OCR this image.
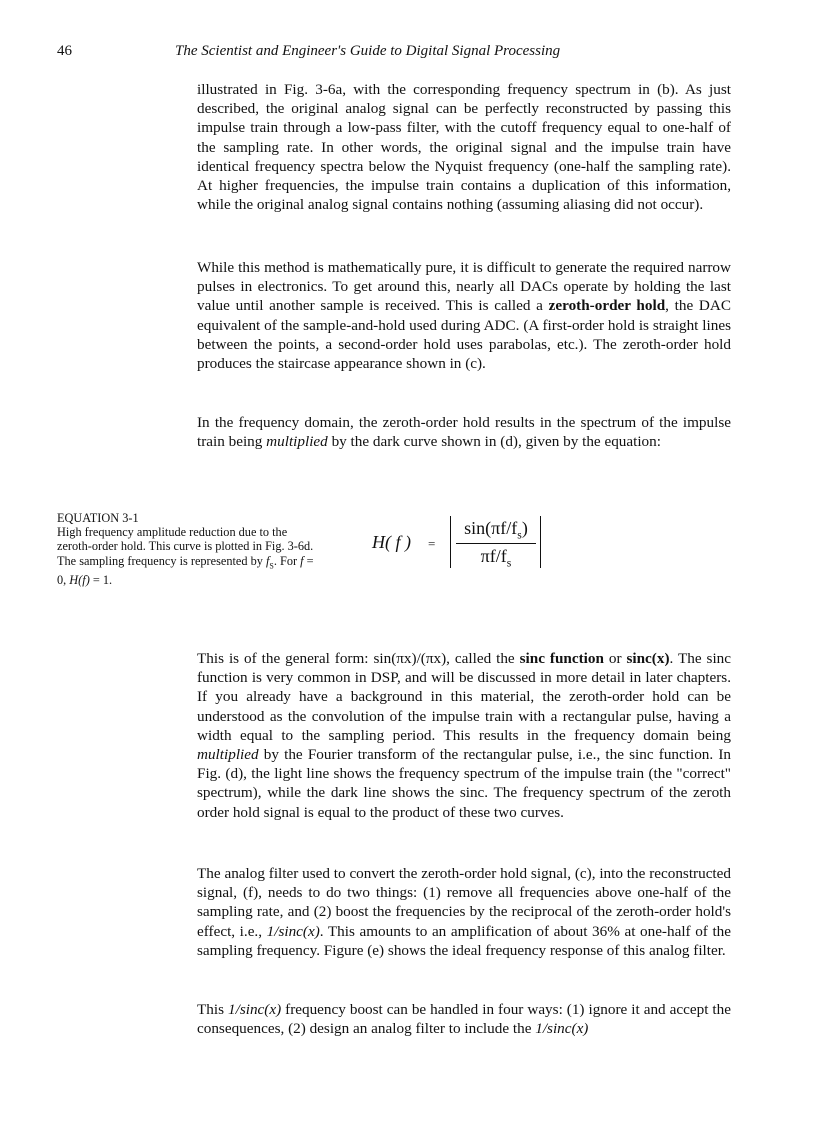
46	The Scientist and Engineer's Guide to Digital Signal Processing

illustrated in Fig. 3-6a, with the corresponding frequency spectrum in (b). As just described, the original analog signal can be perfectly reconstructed by passing this impulse train through a low-pass filter, with the cutoff frequency equal to one-half of the sampling rate. In other words, the original signal and the impulse train have identical frequency spectra below the Nyquist frequency (one-half the sampling rate). At higher frequencies, the impulse train contains a duplication of this information, while the original analog signal contains nothing (assuming aliasing did not occur).

While this method is mathematically pure, it is difficult to generate the required narrow pulses in electronics. To get around this, nearly all DACs operate by holding the last value until another sample is received. This is called a zeroth-order hold, the DAC equivalent of the sample-and-hold used during ADC. (A first-order hold is straight lines between the points, a second-order hold uses parabolas, etc.). The zeroth-order hold produces the staircase appearance shown in (c).

In the frequency domain, the zeroth-order hold results in the spectrum of the impulse train being multiplied by the dark curve shown in (d), given by the equation:

EQUATION 3-1
High frequency amplitude reduction due to the zeroth-order hold. This curve is plotted in Fig. 3-6d. The sampling frequency is represented by $f_S$. For f = 0, H(f) = 1.
H( f ) =
$\sin(\pi f/f_s)$
$\pi f/f_s$

This is of the general form: sin(πx)/(πx), called the sinc function or sinc(x). The sinc function is very common in DSP, and will be discussed in more detail in later chapters. If you already have a background in this material, the zeroth-order hold can be understood as the convolution of the impulse train with a rectangular pulse, having a width equal to the sampling period. This results in the frequency domain being multiplied by the Fourier transform of the rectangular pulse, i.e., the sinc function. In Fig. (d), the light line shows the frequency spectrum of the impulse train (the "correct" spectrum), while the dark line shows the sinc. The frequency spectrum of the zeroth order hold signal is equal to the product of these two curves.

The analog filter used to convert the zeroth-order hold signal, (c), into the reconstructed signal, (f), needs to do two things: (1) remove all frequencies above one-half of the sampling rate, and (2) boost the frequencies by the reciprocal of the zeroth-order hold's effect, i.e., 1/sinc(x). This amounts to an amplification of about 36% at one-half of the sampling frequency. Figure (e) shows the ideal frequency response of this analog filter.

This 1/sinc(x) frequency boost can be handled in four ways: (1) ignore it and accept the consequences, (2) design an analog filter to include the 1/sinc(x)
